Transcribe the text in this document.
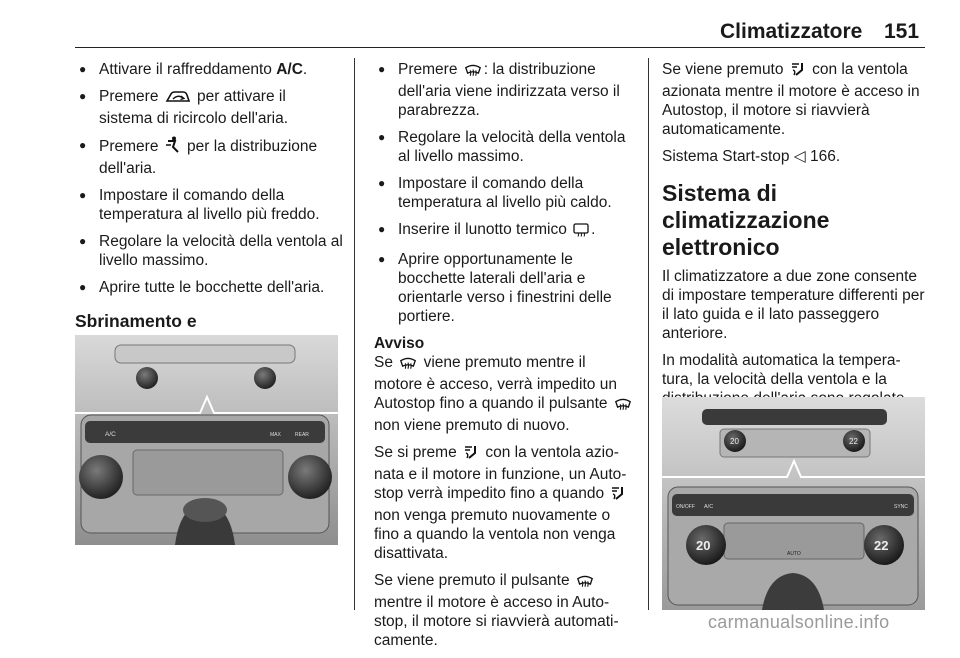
Climatizzatore 151
● Attivare il raffreddamento A/C.
● Premere  per attivare il sistema di ricircolo dell'aria.
● Premere  per la distribuzione dell'aria.
● Impostare il comando della temperatura al livello più freddo.
● Regolare la velocità della ventola al livello massimo.
● Aprire tutte le bocchette dell'aria.
Sbrinamento e
A/C	MAX	REAR
● Premere : la distribuzione dell'aria viene indirizzata verso il parabrezza.
● Regolare la velocità della ventola al livello massimo.
● Impostare il comando della temperatura al livello più caldo.
● Inserire il lunotto termico .
● Aprire opportunamente le bocchette laterali dell'aria e orientarle verso i finestrini delle portiere.

Avviso

Se  viene premuto mentre il motore è acceso, verrà impedito un Autostop fino a quando il pulsante  non viene premuto di nuovo.

Se si preme  con la ventola azio-nata e il motore in funzione, un Auto-stop verrà impedito fino a quando  non venga premuto nuovamente o fino a quando la ventola non venga disattivata.

Se viene premuto il pulsante  mentre il motore è acceso in Auto-stop, il motore si riavvierà automati-camente.

Se viene premuto  con la ventola azionata mentre il motore è acceso in Autostop, il motore si riavvierà automaticamente.

Sistema Start-stop ◁ 166.

Sistema di climatizzazione elettronico

Il climatizzatore a due zone consente di impostare temperature differenti per il lato guida e il lato passeggero anteriore.

In modalità automatica la tempera-tura, la velocità della ventola e la

20	22
ON/OFF A/C	SYNC
AUTO
20	22
carmanualsonline.info
